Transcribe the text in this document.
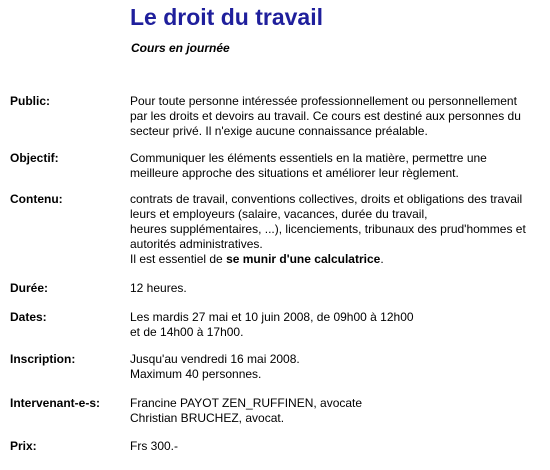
Le droit du travail
Cours en journée
Public:	Pour toute personne intéressée professionnellement ou personnellement
par les droits et devoirs au travail. Ce cours est destiné aux personnes du
secteur privé. Il n'exige aucune connaissance préalable.
Objectif:	Communiquer les éléments essentiels en la matière, permettre une
meilleure approche des situations et améliorer leur règlement.
Contenu:	contrats de travail, conventions collectives, droits et obligations des travail
leurs et employeurs (salaire, vacances, durée du travail,
heures supplémentaires, ...), licenciements, tribunaux des prud'hommes et
autorités administratives.
Il est essentiel de se munir d'une calculatrice.
Durée:	12 heures.
Dates:	Les mardis 27 mai et 10 juin 2008, de 09h00 à 12h00
et de 14h00 à 17h00.
Inscription:	Jusqu'au vendredi 16 mai 2008.
Maximum 40 personnes.
Intervenant-e-s: Francine PAYOT ZEN_RUFFINEN, avocate
Christian BRUCHEZ, avocat.
Prix:	Frs 300.-
